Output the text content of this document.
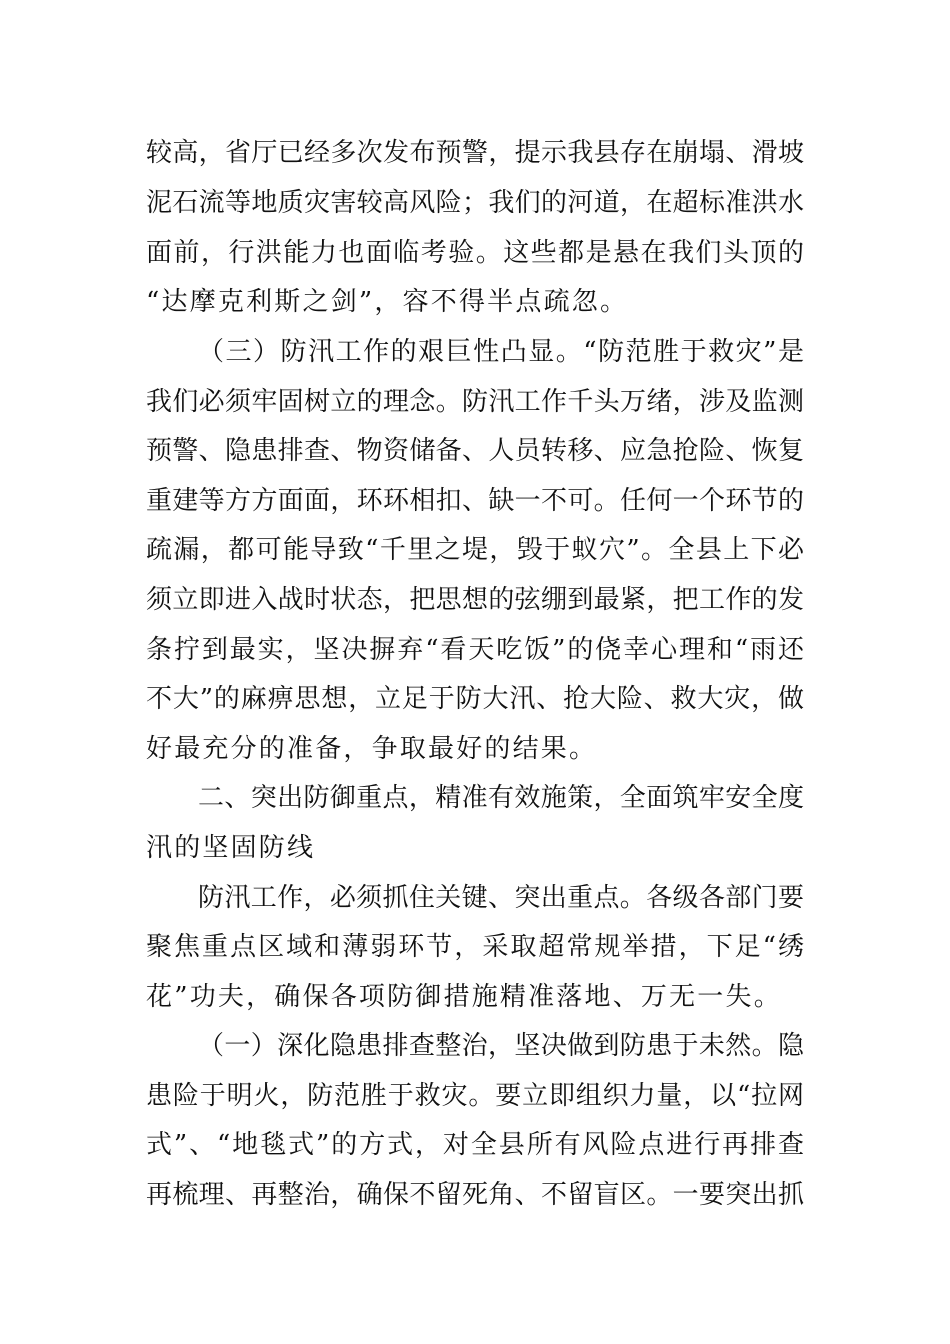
较高，省厅已经多次发布预警，提示我县存在崩塌、滑坡
泥石流等地质灾害较高风险；我们的河道，在超标准洪水
面前，行洪能力也面临考验。这些都是悬在我们头顶的
“达摩克利斯之剑”，容不得半点疏忽。
（三）防汛工作的艰巨性凸显。“防范胜于救灾”是
我们必须牢固树立的理念。防汛工作千头万绪，涉及监测
预警、隐患排查、物资储备、人员转移、应急抢险、恢复
重建等方方面面，环环相扣、缺一不可。任何一个环节的
疏漏，都可能导致“千里之堤，毁于蚁穴”。全县上下必
须立即进入战时状态，把思想的弦绷到最紧，把工作的发
条拧到最实，坚决摒弃“看天吃饭”的侥幸心理和“雨还
不大”的麻痹思想，立足于防大汛、抢大险、救大灾，做
好最充分的准备，争取最好的结果。
二、突出防御重点，精准有效施策，全面筑牢安全度
汛的坚固防线
防汛工作，必须抓住关键、突出重点。各级各部门要
聚焦重点区域和薄弱环节，采取超常规举措，下足“绣
花”功夫，确保各项防御措施精准落地、万无一失。
（一）深化隐患排查整治，坚决做到防患于未然。隐
患险于明火，防范胜于救灾。要立即组织力量，以“拉网
式”、“地毯式”的方式，对全县所有风险点进行再排查
再梳理、再整治，确保不留死角、不留盲区。一要突出抓
